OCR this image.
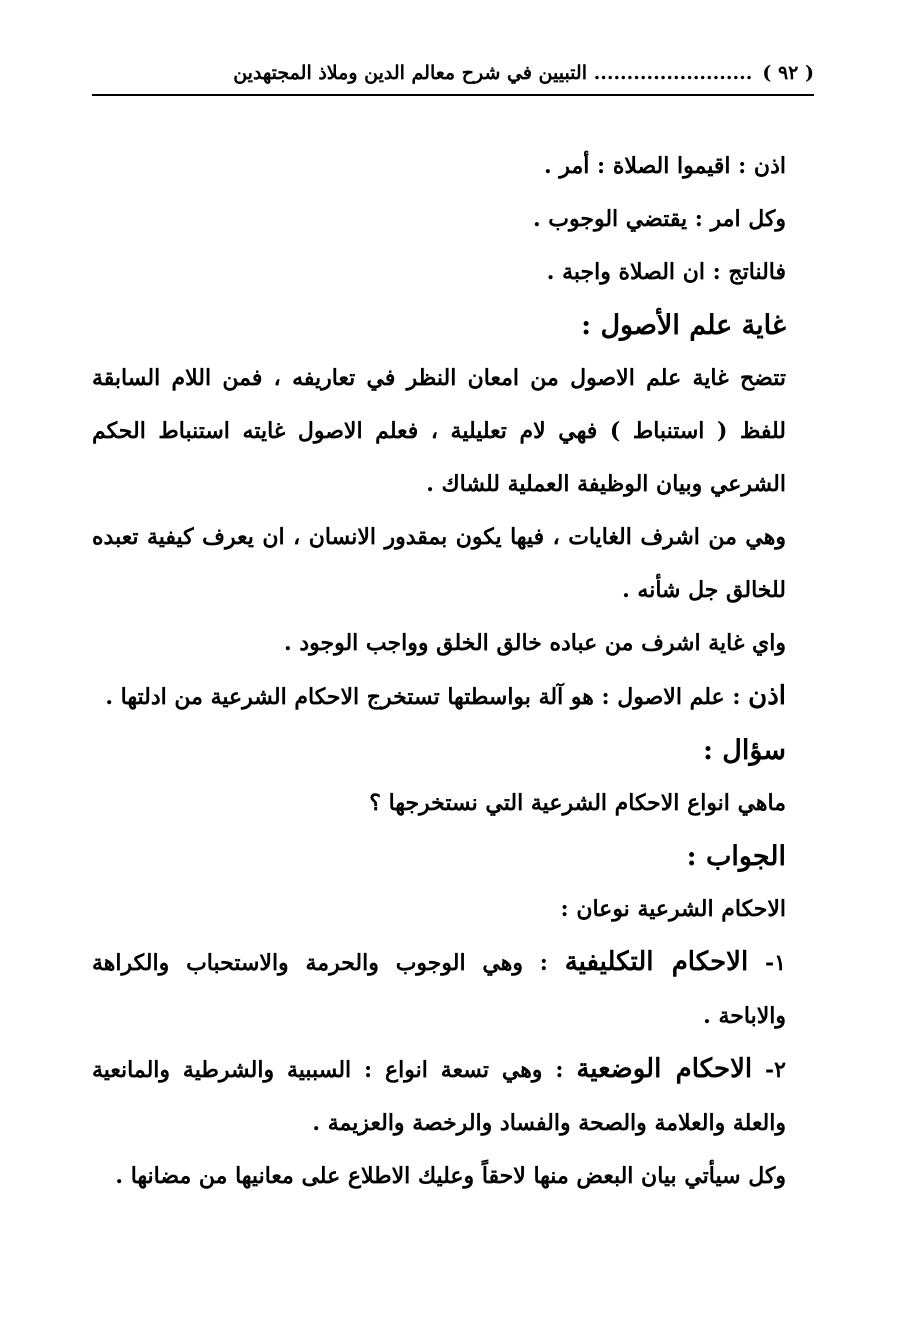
( ٩٢ )
........................ التبيين في شرح معالم الدين وملاذ المجتهدين

اذن : اقيموا الصلاة : أمر .

وكل امر : يقتضي الوجوب .

فالناتج : ان الصلاة واجبة .

غاية علم الأصول :

تتضح غاية علم الاصول من امعان النظر في تعاريفه ، فمن اللام السابقة للفظ ( استنباط ) فهي لام تعليلية ، فعلم الاصول غايته استنباط الحكم الشرعي وبيان الوظيفة العملية للشاك .

وهي من اشرف الغايات ، فيها يكون بمقدور الانسان ، ان يعرف كيفية تعبده للخالق جل شأنه .

واي غاية اشرف من عباده خالق الخلق وواجب الوجود .

اذن : علم الاصول : هو آلة بواسطتها تستخرج الاحكام الشرعية من ادلتها .

سؤال :

ماهي انواع الاحكام الشرعية التي نستخرجها ؟

الجواب :

الاحكام الشرعية نوعان :

١- الاحكام التكليفية : وهي الوجوب والحرمة والاستحباب والكراهة والاباحة .

٢- الاحكام الوضعية : وهي تسعة انواع : السببية والشرطية والمانعية والعلة والعلامة والصحة والفساد والرخصة والعزيمة .

وكل سيأتي بيان البعض منها لاحقاً وعليك الاطلاع على معانيها من مضانها .
